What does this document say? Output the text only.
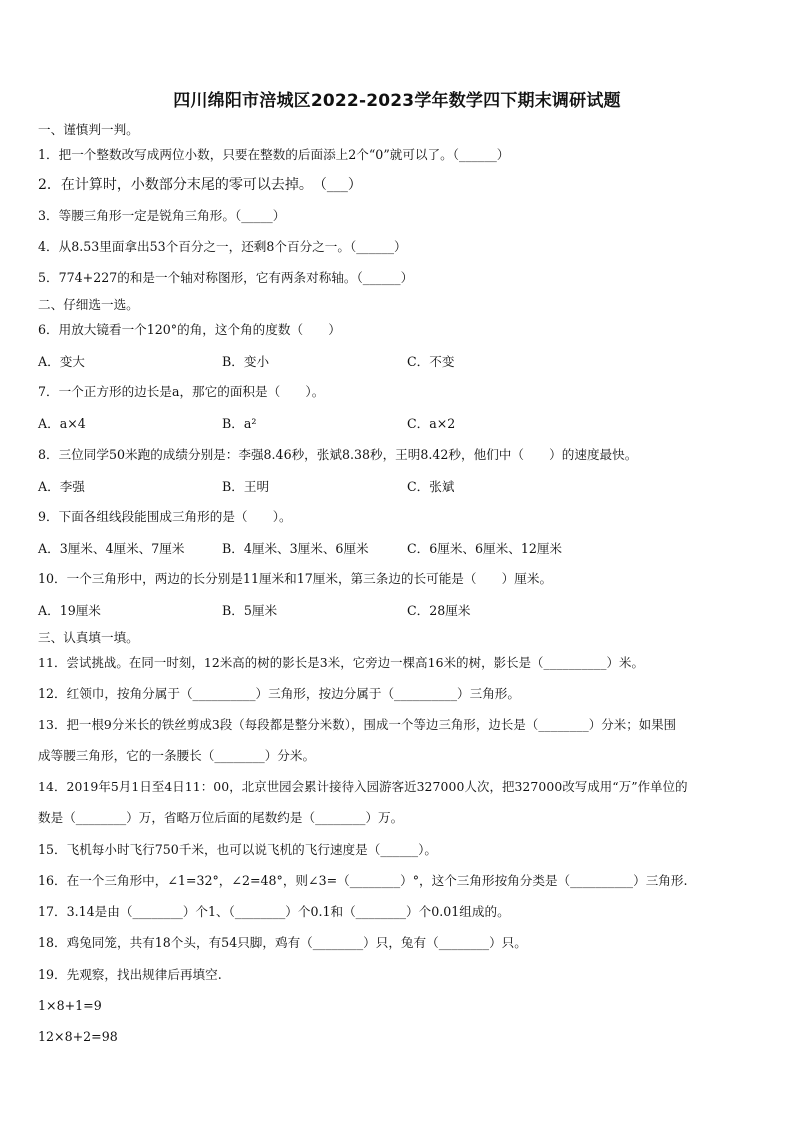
四川绵阳市涪城区2022-2023学年数学四下期末调研试题
一、谨慎判一判。
1．把一个整数改写成两位小数，只要在整数的后面添上2个“0”就可以了。（______）
2．在计算时，小数部分末尾的零可以去掉。　（___）
3．等腰三角形一定是锐角三角形。（_____）
4．从8.53里面拿出53个百分之一，还剩8个百分之一。（______）
5．774+227的和是一个轴对称图形，它有两条对称轴。（______）
二、仔细选一选。
6．用放大镜看一个120°的角，这个角的度数（　　）
A．变大	B．变小	C．不变
7．一个正方形的边长是a，那它的面积是（　　）。
A．a×4	B．a²	C．a×2
8．三位同学50米跑的成绩分别是：李强8.46秒，张斌8.38秒，王明8.42秒，他们中（　　）的速度最快。
A．李强	B．王明	C．张斌
9．下面各组线段能围成三角形的是（　　）。
A．3厘米、4厘米、7厘米	B．4厘米、3厘米、6厘米	C．6厘米、6厘米、12厘米
10．一个三角形中，两边的长分别是11厘米和17厘米，第三条边的长可能是（　　）厘米。
A．19厘米	B．5厘米	C．28厘米
三、认真填一填。
11．尝试挑战。在同一时刻，12米高的树的影长是3米，它旁边一棵高16米的树，影长是（__________）米。
12．红领巾，按角分属于（__________）三角形，按边分属于（__________）三角形。
13．把一根9分米长的铁丝剪成3段（每段都是整分米数），围成一个等边三角形，边长是（________）分米；如果围
成等腰三角形，它的一条腰长（________）分米。
14．2019年5月1日至4日11：00，北京世园会累计接待入园游客近327000人次，把327000改写成用“万”作单位的
数是（________）万，省略万位后面的尾数约是（________）万。
15．飞机每小时飞行750千米，也可以说飞机的飞行速度是（______）。
16．在一个三角形中，∠1=32°，∠2=48°，则∠3=（________）°，这个三角形按角分类是（__________）三角形.
17．3.14是由（________）个1、（________）个0.1和（________）个0.01组成的。
18．鸡兔同笼，共有18个头，有54只脚，鸡有（________）只，兔有（________）只。
19．先观察，找出规律后再填空.
1×8+1=9
12×8+2=98
